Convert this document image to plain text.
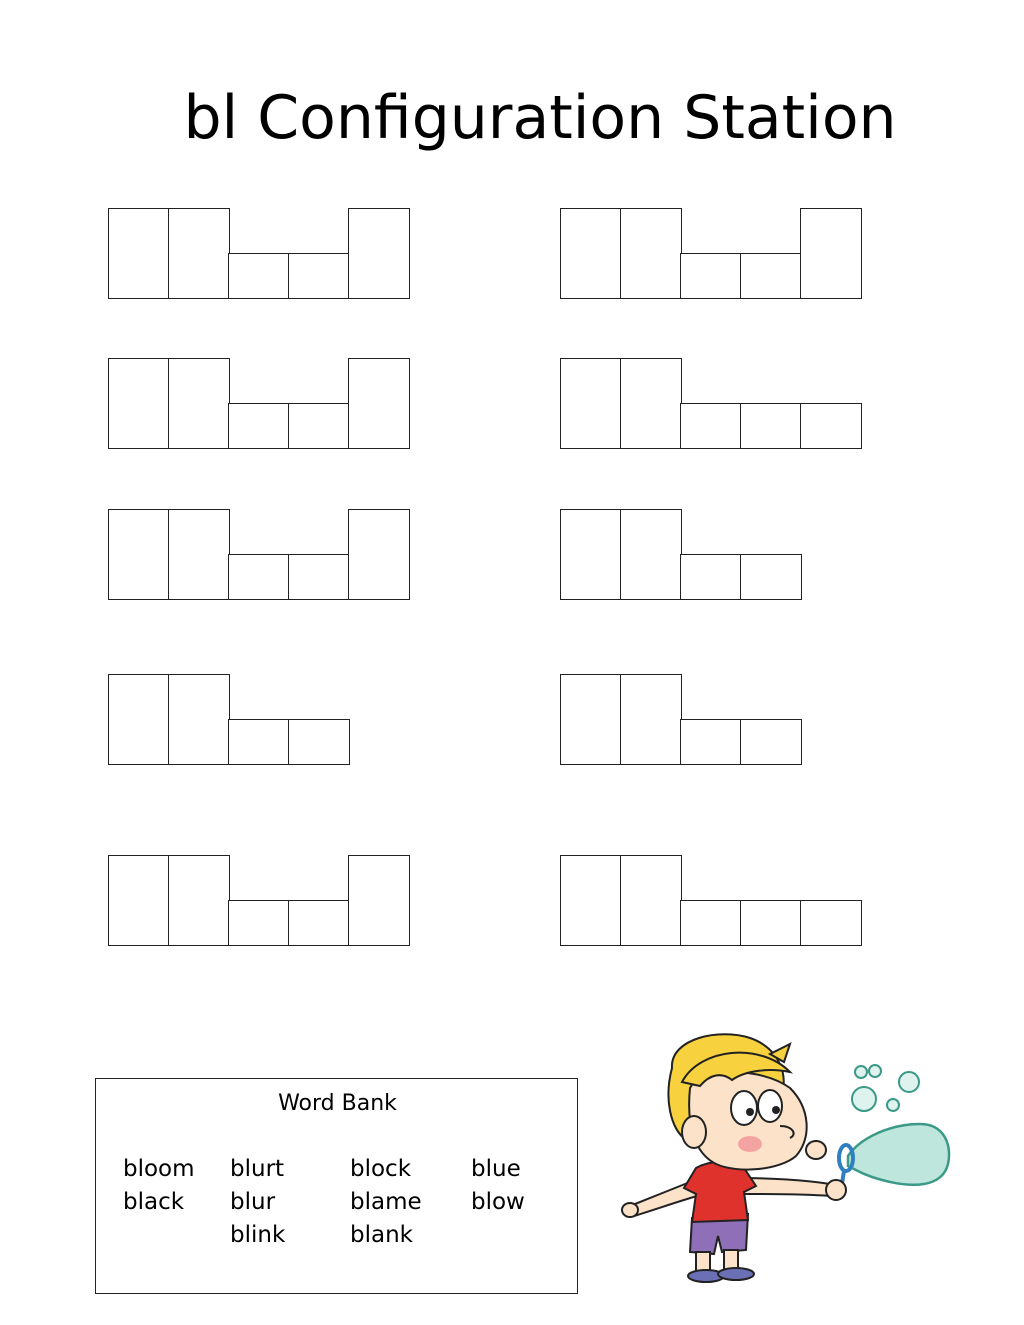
bl Configuration Station
Word Bank
bloom
black
blurt
blur
blink
block
blame
blank
blue
blow
